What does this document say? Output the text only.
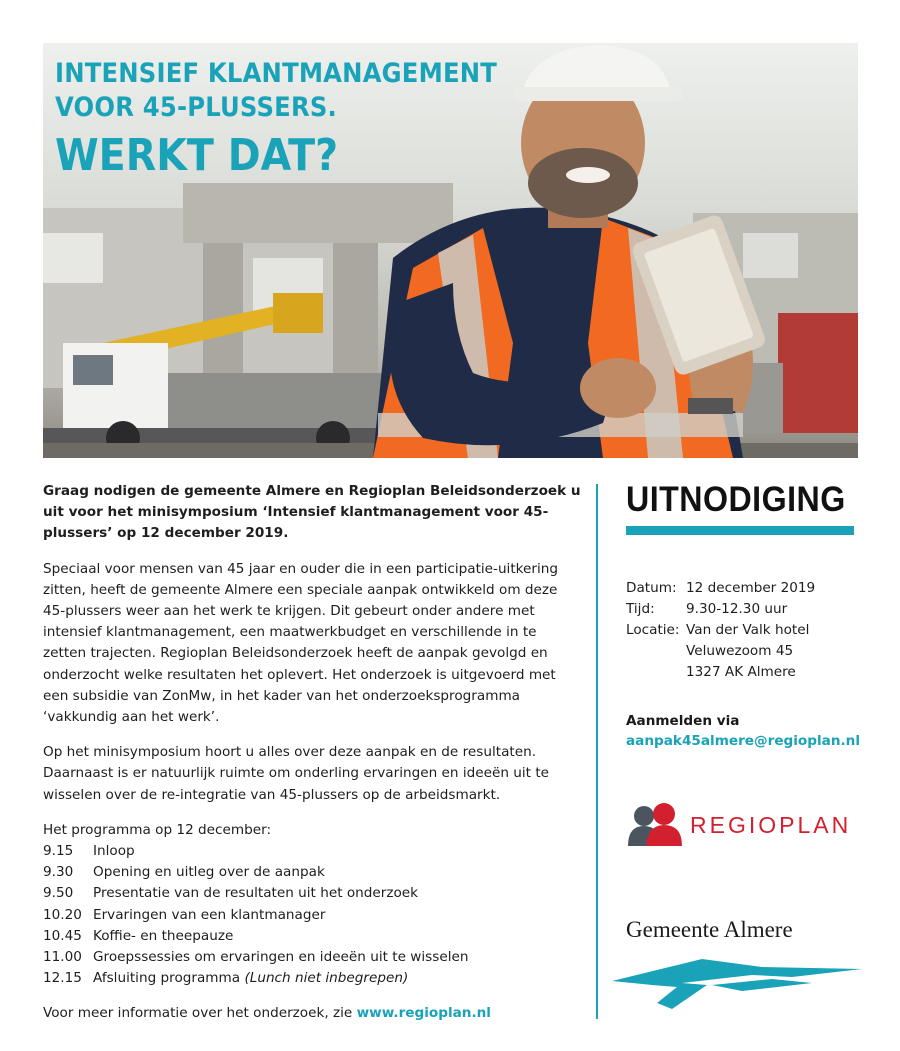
INTENSIEF KLANTMANAGEMENT
VOOR 45-PLUSSERS.
WERKT DAT?

Graag nodigen de gemeente Almere en Regioplan Beleidsonderzoek u uit voor het minisymposium ‘Intensief klantmanagement voor 45-plussers’ op 12 december 2019.

Speciaal voor mensen van 45 jaar en ouder die in een participatie-uitkering zitten, heeft de gemeente Almere een speciale aanpak ontwikkeld om deze 45-plussers weer aan het werk te krijgen. Dit gebeurt onder andere met intensief klantmanagement, een maatwerkbudget en verschillende in te zetten trajecten. Regioplan Beleidsonderzoek heeft de aanpak gevolgd en onderzocht welke resultaten het oplevert. Het onderzoek is uitgevoerd met een subsidie van ZonMw, in het kader van het onderzoeksprogramma ‘vakkundig aan het werk’.

Op het minisymposium hoort u alles over deze aanpak en de resultaten. Daarnaast is er natuurlijk ruimte om onderling ervaringen en ideeën uit te wisselen over de re-integratie van 45-plussers op de arbeidsmarkt.

Het programma op 12 december:

9.15	Inloop
9.30	Opening en uitleg over de aanpak
9.50	Presentatie van de resultaten uit het onderzoek
10.20 Ervaringen van een klantmanager
10.45 Koffie- en theepauze
11.00 Groepssessies om ervaringen en ideeën uit te wisselen
12.15 Afsluiting programma (Lunch niet inbegrepen)

Voor meer informatie over het onderzoek, zie www.regioplan.nl

UITNODIGING
Datum: 12 december 2019
Tijd:	9.30-12.30 uur
Locatie: Van der Valk hotel
Veluwezoom 45
1327 AK Almere
Aanmelden via
aanpak45almere@regioplan.nl
REGIOPLAN
Gemeente Almere
